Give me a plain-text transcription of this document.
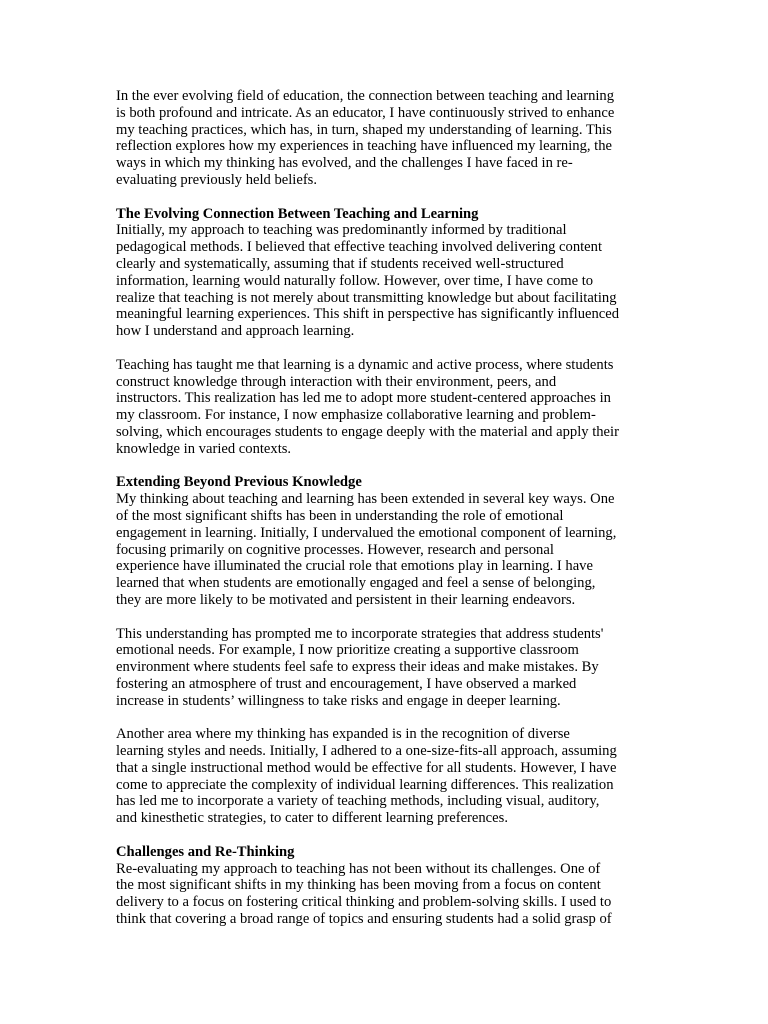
In the ever evolving field of education, the connection between teaching and learning
is both profound and intricate. As an educator, I have continuously strived to enhance
my teaching practices, which has, in turn, shaped my understanding of learning. This
reflection explores how my experiences in teaching have influenced my learning, the
ways in which my thinking has evolved, and the challenges I have faced in re-
evaluating previously held beliefs.
The Evolving Connection Between Teaching and Learning
Initially, my approach to teaching was predominantly informed by traditional
pedagogical methods. I believed that effective teaching involved delivering content
clearly and systematically, assuming that if students received well-structured
information, learning would naturally follow. However, over time, I have come to
realize that teaching is not merely about transmitting knowledge but about facilitating
meaningful learning experiences. This shift in perspective has significantly influenced
how I understand and approach learning.
Teaching has taught me that learning is a dynamic and active process, where students
construct knowledge through interaction with their environment, peers, and
instructors. This realization has led me to adopt more student-centered approaches in
my classroom. For instance, I now emphasize collaborative learning and problem-
solving, which encourages students to engage deeply with the material and apply their
knowledge in varied contexts.
Extending Beyond Previous Knowledge
My thinking about teaching and learning has been extended in several key ways. One
of the most significant shifts has been in understanding the role of emotional
engagement in learning. Initially, I undervalued the emotional component of learning,
focusing primarily on cognitive processes. However, research and personal
experience have illuminated the crucial role that emotions play in learning. I have
learned that when students are emotionally engaged and feel a sense of belonging,
they are more likely to be motivated and persistent in their learning endeavors.
This understanding has prompted me to incorporate strategies that address students'
emotional needs. For example, I now prioritize creating a supportive classroom
environment where students feel safe to express their ideas and make mistakes. By
fostering an atmosphere of trust and encouragement, I have observed a marked
increase in students’ willingness to take risks and engage in deeper learning.
Another area where my thinking has expanded is in the recognition of diverse
learning styles and needs. Initially, I adhered to a one-size-fits-all approach, assuming
that a single instructional method would be effective for all students. However, I have
come to appreciate the complexity of individual learning differences. This realization
has led me to incorporate a variety of teaching methods, including visual, auditory,
and kinesthetic strategies, to cater to different learning preferences.
Challenges and Re-Thinking
Re-evaluating my approach to teaching has not been without its challenges. One of
the most significant shifts in my thinking has been moving from a focus on content
delivery to a focus on fostering critical thinking and problem-solving skills. I used to
think that covering a broad range of topics and ensuring students had a solid grasp of
